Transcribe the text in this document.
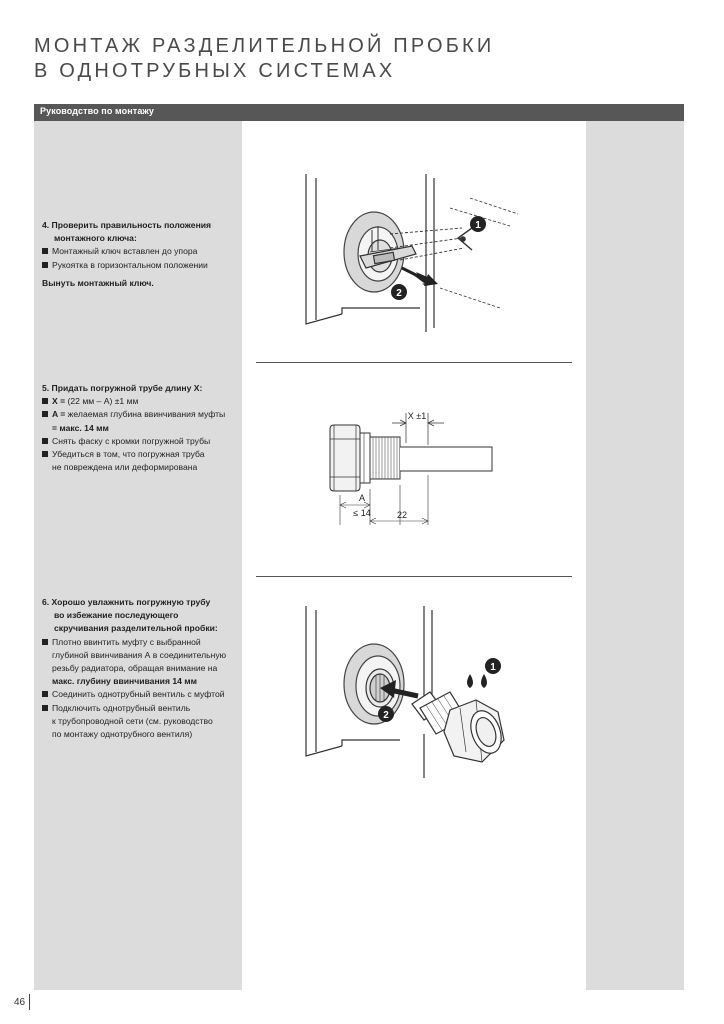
МОНТАЖ РАЗДЕЛИТЕЛЬНОЙ ПРОБКИ
В ОДНОТРУБНЫХ СИСТЕМАХ
Руководство по монтажу
4. Проверить правильность положения
монтажного ключа:
Монтажный ключ вставлен до упора
Рукоятка в горизонтальном положении
Вынуть монтажный ключ.
1
2
5. Придать погружной трубе длину X:
X = (22 мм – A) ±1 мм
A = желаемая глубина ввинчивания муфты
= макс. 14 мм
Снять фаску с кромки погружной трубы
Убедиться в том, что погружная труба
не повреждена или деформирована
X ±1
A
≤ 14	22
6. Хорошо увлажнить погружную трубу
во избежание последующего
скручивания разделительной пробки:
Плотно ввинтить муфту с выбранной
глубиной ввинчивания А в соединительную
резьбу радиатора, обращая внимание на
макс. глубину ввинчивания 14 мм
Соединить однотрубный вентиль с муфтой
Подключить однотрубный вентиль
к трубопроводной сети (см. руководство
по монтажу однотрубного вентиля)
1
2
46
